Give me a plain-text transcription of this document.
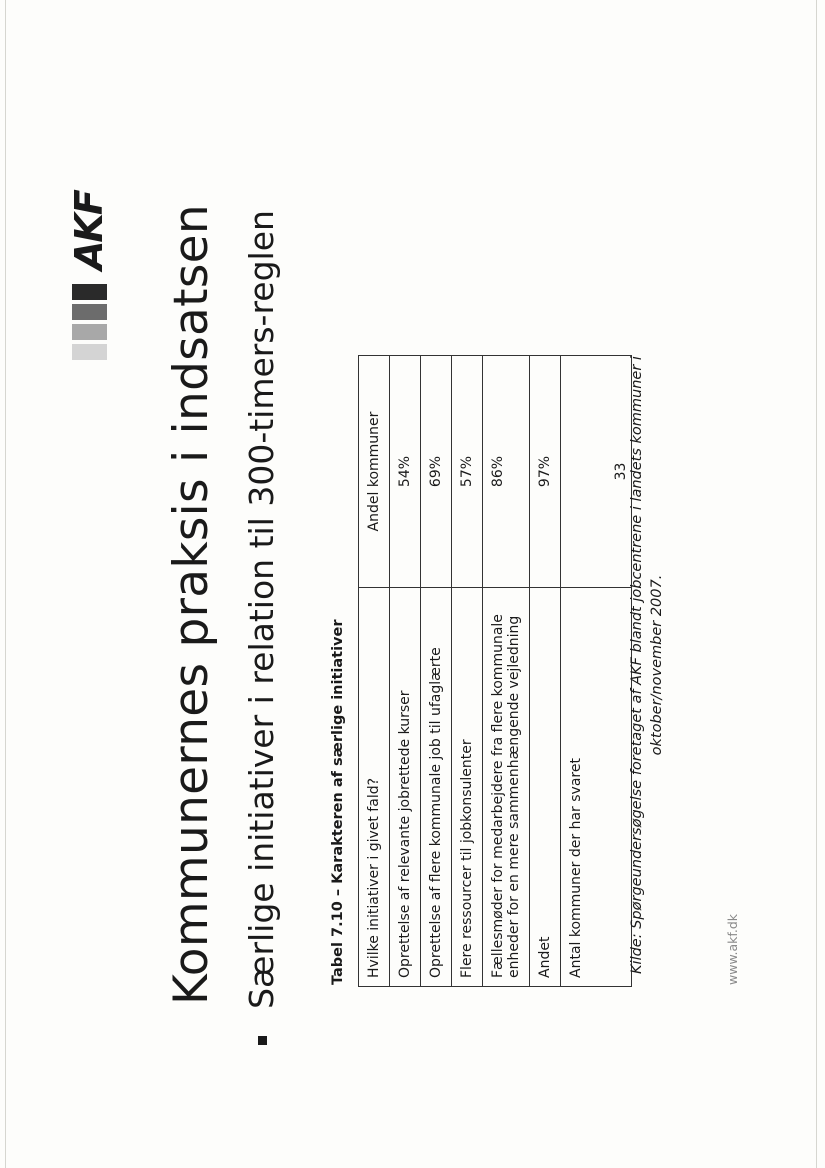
AKF Kommunernes praksis i indsatsen Særlige initiativer i relation til 300-timers-reglen	Tabel 7.10 – Karakteren af særlige initiativer Hvilke initiativer i givet fald?	Andel kommuner
Oprettelse af relevante jobrettede kurser	54%
Oprettelse af flere kommunale job til ufaglærte	69%
Flere ressourcer til jobkonsulenter	57%
Fællesmøder for medarbejdere fra flere kommunale enheder for en mere sammenhængende vejledning	86%
Andet	97%
Antal kommuner der har svaret	33 Kilde: Spørgeundersøgelse foretaget af AKF blandt jobcentrene i landets kommuner i oktober/november 2007.
www.akf.dk
